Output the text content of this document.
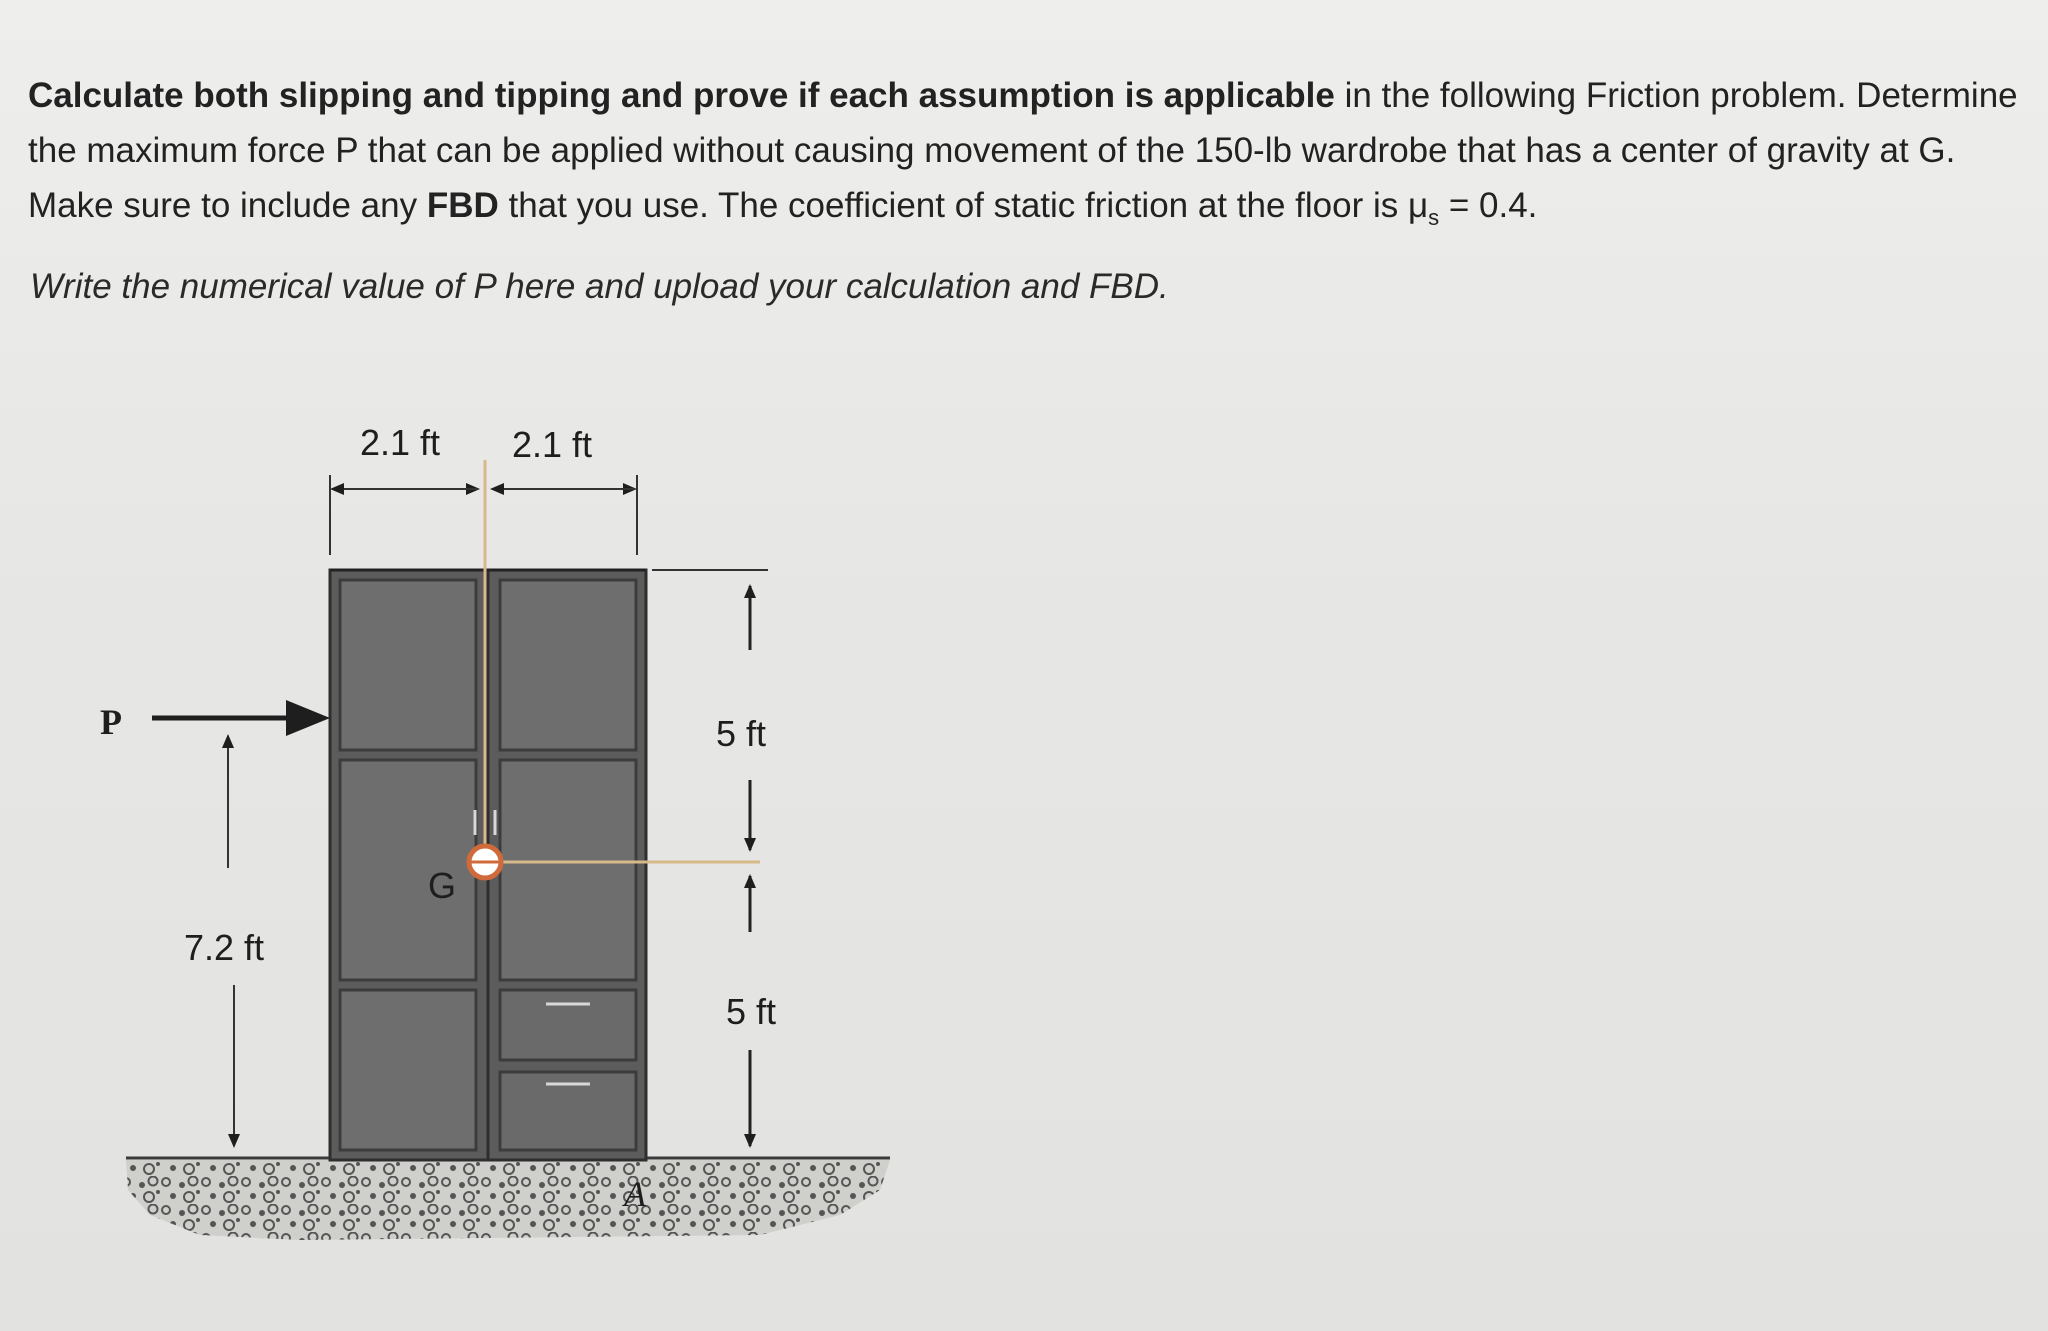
Calculate both slipping and tipping and prove if each assumption is applicable in the following Friction problem. Determine the maximum force P that can be applied without causing movement of the 150-lb wardrobe that has a center of gravity at G. Make sure to include any FBD that you use. The coefficient of static friction at the floor is $\mu_s = 0.4$.
Write the numerical value of P here and upload your calculation and FBD.
G
2.1 ft 2.1 ft
5 ft
5 ft
P
7.2 ft
A
